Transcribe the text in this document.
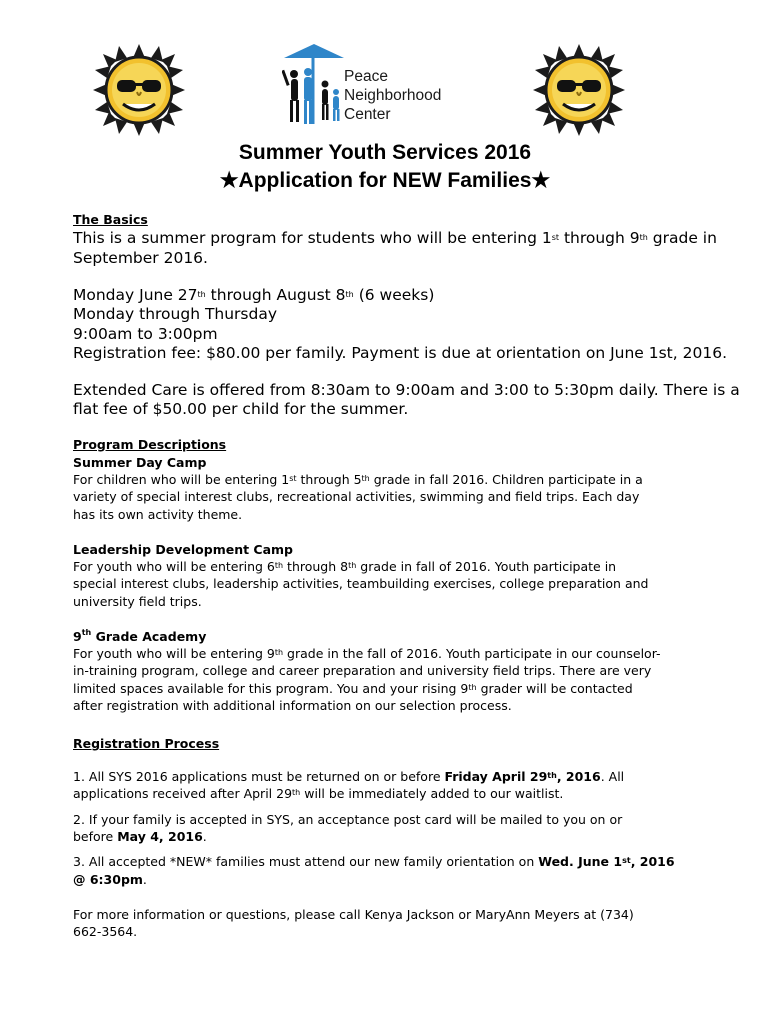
Peace
Neighborhood
Center
Summer Youth Services 2016
★Application for NEW Families★
The Basics
This is a summer program for students who will be entering 1st through 9th grade in
September 2016.
Monday June 27th through August 8th (6 weeks)
Monday through Thursday
9:00am to 3:00pm
Registration fee: $80.00 per family. Payment is due at orientation on June 1st, 2016.
Extended Care is offered from 8:30am to 9:00am and 3:00 to 5:30pm daily. There is a
flat fee of $50.00 per child for the summer.
Program Descriptions
Summer Day Camp
For children who will be entering 1st through 5th grade in fall 2016. Children participate in a
variety of special interest clubs, recreational activities, swimming and field trips. Each day
has its own activity theme.
Leadership Development Camp
For youth who will be entering 6th through 8th grade in fall of 2016. Youth participate in
special interest clubs, leadership activities, teambuilding exercises, college preparation and
university field trips.
9th Grade Academy
For youth who will be entering 9th grade in the fall of 2016. Youth participate in our counselor-
in-training program, college and career preparation and university field trips. There are very
limited spaces available for this program. You and your rising 9th grader will be contacted
after registration with additional information on our selection process.
Registration Process
1. All SYS 2016 applications must be returned on or before Friday April 29th, 2016. All
applications received after April 29th will be immediately added to our waitlist.
2. If your family is accepted in SYS, an acceptance post card will be mailed to you on or
before May 4, 2016.
3. All accepted *NEW* families must attend our new family orientation on Wed. June 1st, 2016
@ 6:30pm.
For more information or questions, please call Kenya Jackson or MaryAnn Meyers at (734)
662-3564.
